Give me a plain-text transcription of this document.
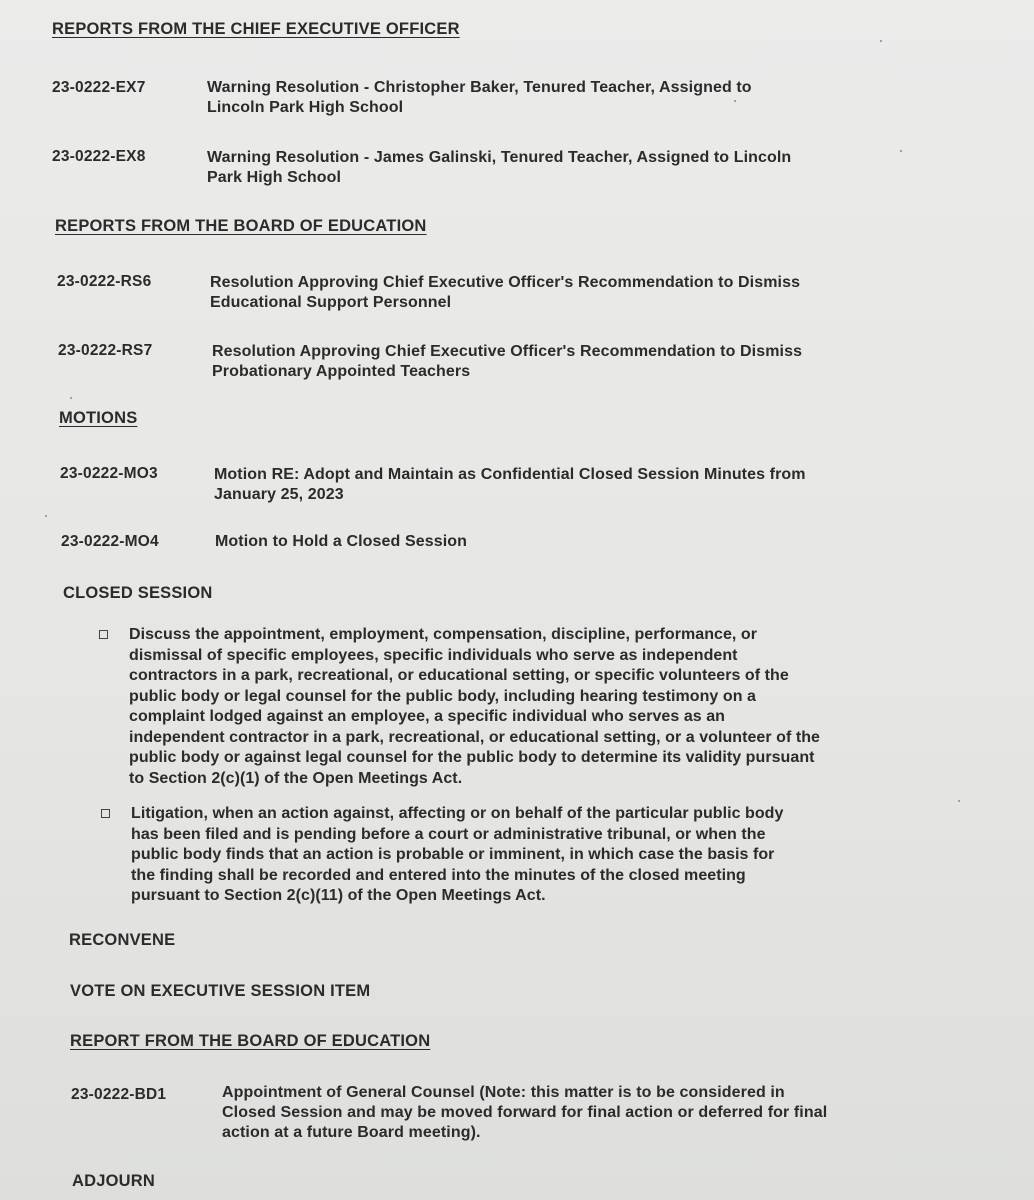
REPORTS FROM THE CHIEF EXECUTIVE OFFICER
23-0222-EX7	Warning Resolution - Christopher Baker, Tenured Teacher, Assigned to
Lincoln Park High School
23-0222-EX8	Warning Resolution - James Galinski, Tenured Teacher, Assigned to Lincoln
Park High School
REPORTS FROM THE BOARD OF EDUCATION
23-0222-RS6	Resolution Approving Chief Executive Officer's Recommendation to Dismiss
Educational Support Personnel
23-0222-RS7	Resolution Approving Chief Executive Officer's Recommendation to Dismiss
Probationary Appointed Teachers
MOTIONS
23-0222-MO3	Motion RE: Adopt and Maintain as Confidential Closed Session Minutes from
January 25, 2023
23-0222-MO4	Motion to Hold a Closed Session
CLOSED SESSION
Discuss the appointment, employment, compensation, discipline, performance, or
dismissal of specific employees, specific individuals who serve as independent
contractors in a park, recreational, or educational setting, or specific volunteers of the
public body or legal counsel for the public body, including hearing testimony on a
complaint lodged against an employee, a specific individual who serves as an
independent contractor in a park, recreational, or educational setting, or a volunteer of the
public body or against legal counsel for the public body to determine its validity pursuant
to Section 2(c)(1) of the Open Meetings Act.
Litigation, when an action against, affecting or on behalf of the particular public body
has been filed and is pending before a court or administrative tribunal, or when the
public body finds that an action is probable or imminent, in which case the basis for
the finding shall be recorded and entered into the minutes of the closed meeting
pursuant to Section 2(c)(11) of the Open Meetings Act.
RECONVENE
VOTE ON EXECUTIVE SESSION ITEM
REPORT FROM THE BOARD OF EDUCATION
23-0222-BD1	Appointment of General Counsel (Note: this matter is to be considered in
Closed Session and may be moved forward for final action or deferred for final
action at a future Board meeting).
ADJOURN
